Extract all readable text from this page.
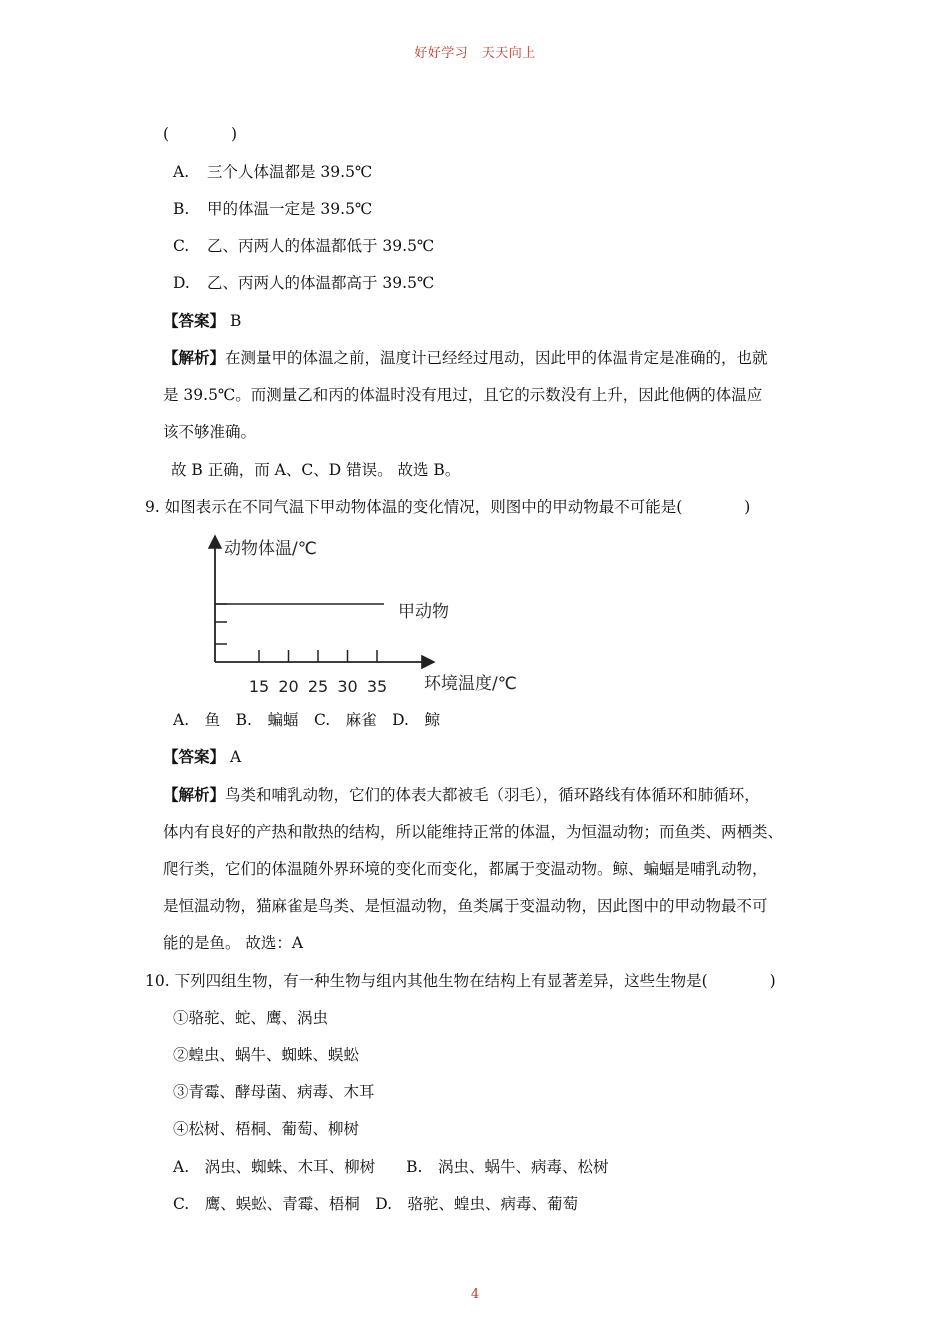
好好学习　天天向上
(　　　　)
A. 三个人体温都是 39.5℃
B. 甲的体温一定是 39.5℃
C. 乙、丙两人的体温都低于 39.5℃
D. 乙、丙两人的体温都高于 39.5℃
【答案】 B
【解析】在测量甲的体温之前，温度计已经经过甩动，因此甲的体温肯定是准确的，也就
是 39.5℃。而测量乙和丙的体温时没有甩过，且它的示数没有上升，因此他俩的体温应
该不够准确。
故 B 正确，而 A、C、D 错误。 故选 B。
9. 如图表示在不同气温下甲动物体温的变化情况，则图中的甲动物最不可能是(　　　　)
15 20 25 30 35
动物体温/℃
甲动物
环境温度/℃
A.　鱼　B.　蝙蝠　C.　麻雀　D.　鲸
【答案】 A
【解析】鸟类和哺乳动物，它们的体表大都被毛（羽毛），循环路线有体循环和肺循环，
体内有良好的产热和散热的结构，所以能维持正常的体温，为恒温动物；而鱼类、两栖类、
爬行类，它们的体温随外界环境的变化而变化，都属于变温动物。鲸、蝙蝠是哺乳动物，
是恒温动物，猫麻雀是鸟类、是恒温动物，鱼类属于变温动物，因此图中的甲动物最不可
能的是鱼。 故选：A
10. 下列四组生物，有一种生物与组内其他生物在结构上有显著差异，这些生物是(　　　　)
①骆驼、蛇、鹰、涡虫
②蝗虫、蜗牛、蜘蛛、蜈蚣
③青霉、酵母菌、病毒、木耳
④松树、梧桐、葡萄、柳树
A.　涡虫、蜘蛛、木耳、柳树　　B.　涡虫、蜗牛、病毒、松树
C.　鹰、蜈蚣、青霉、梧桐　D.　骆驼、蝗虫、病毒、葡萄
4
